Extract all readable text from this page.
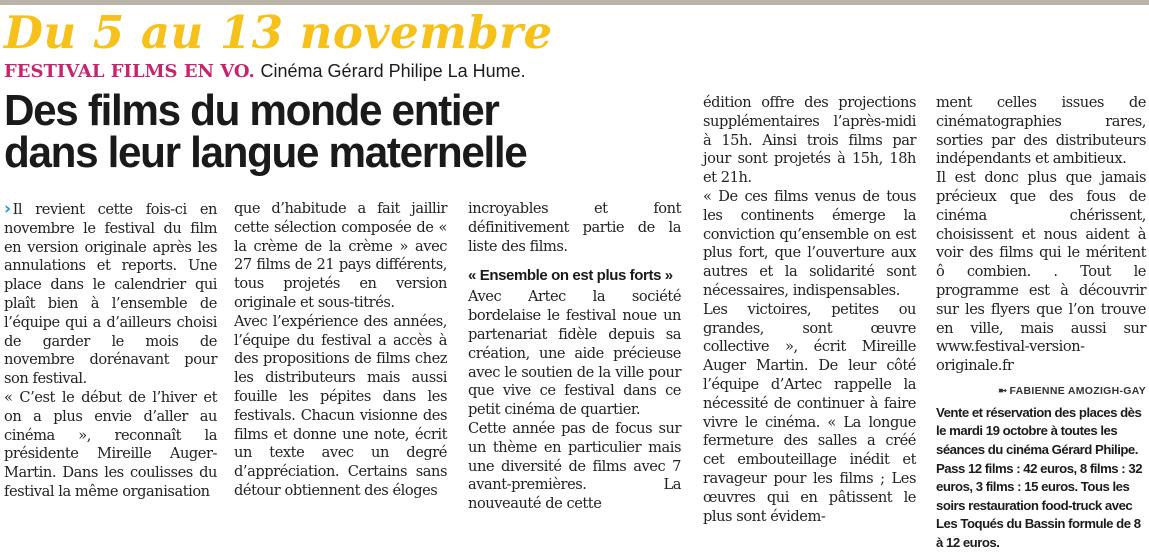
Du 5 au 13 novembre
FESTIVAL FILMS EN VO. Cinéma Gérard Philipe La Hume.
Des films du monde entier
dans leur langue maternelle

› Il revient cette fois-ci en novembre le festival du film en version originale après les annulations et reports. Une place dans le calendrier qui plaît bien à l’ensemble de l’équipe qui a d’ailleurs choisi de garder le mois de novembre dorénavant pour son festival.

« C’est le début de l’hiver et on a plus envie d’aller au cinéma », reconnaît la présidente Mireille Auger-Martin. Dans les coulisses du festival la même organisation

que d’habitude a fait jaillir cette sélection composée de « la crème de la crème » avec 27 films de 21 pays différents, tous projetés en version originale et sous-titrés.

Avec l’expérience des années, l’équipe du festival a accès à des propositions de films chez les distributeurs mais aussi fouille les pépites dans les festivals. Chacun visionne des films et donne une note, écrit un texte avec un degré d’appréciation. Certains sans détour obtiennent des éloges

incroyables et font définitivement partie de la liste des films.

« Ensemble on est plus forts »

Avec Artec la société bordelaise le festival noue un partenariat fidèle depuis sa création, une aide précieuse avec le soutien de la ville pour que vive ce festival dans ce petit cinéma de quartier.

Cette année pas de focus sur un thème en particulier mais une diversité de films avec 7 avant-premières. La nouveauté de cette

édition offre des projections supplémentaires l’après-midi à 15h. Ainsi trois films par jour sont projetés à 15h, 18h et 21h.

« De ces films venus de tous les continents émerge la conviction qu’ensemble on est plus fort, que l’ouverture aux autres et la solidarité sont nécessaires, indispensables.

Les victoires, petites ou grandes, sont œuvre collective », écrit Mireille Auger Martin. De leur côté l’équipe d’Artec rappelle la nécessité de continuer à faire vivre le cinéma. « La longue fermeture des salles a créé cet embouteillage inédit et ravageur pour les films ; Les œuvres qui en pâtissent le plus sont évidem-

ment celles issues de cinématographies rares, sorties par des distributeurs indépendants et ambitieux.

Il est donc plus que jamais précieux que des fous de cinéma chérissent, choisissent et nous aident à voir des films qui le méritent ô combien. . Tout le programme est à découvrir sur les flyers que l’on trouve en ville, mais aussi sur www.festival-version-originale.fr

➼ FABIENNE AMOZIGH-GAY
Vente et réservation des places dès le mardi 19 octobre à toutes les séances du cinéma Gérard Philipe. Pass 12 films : 42 euros, 8 films : 32 euros, 3 films : 15 euros. Tous les soirs restauration food-truck avec Les Toqués du Bassin formule de 8 à 12 euros.
